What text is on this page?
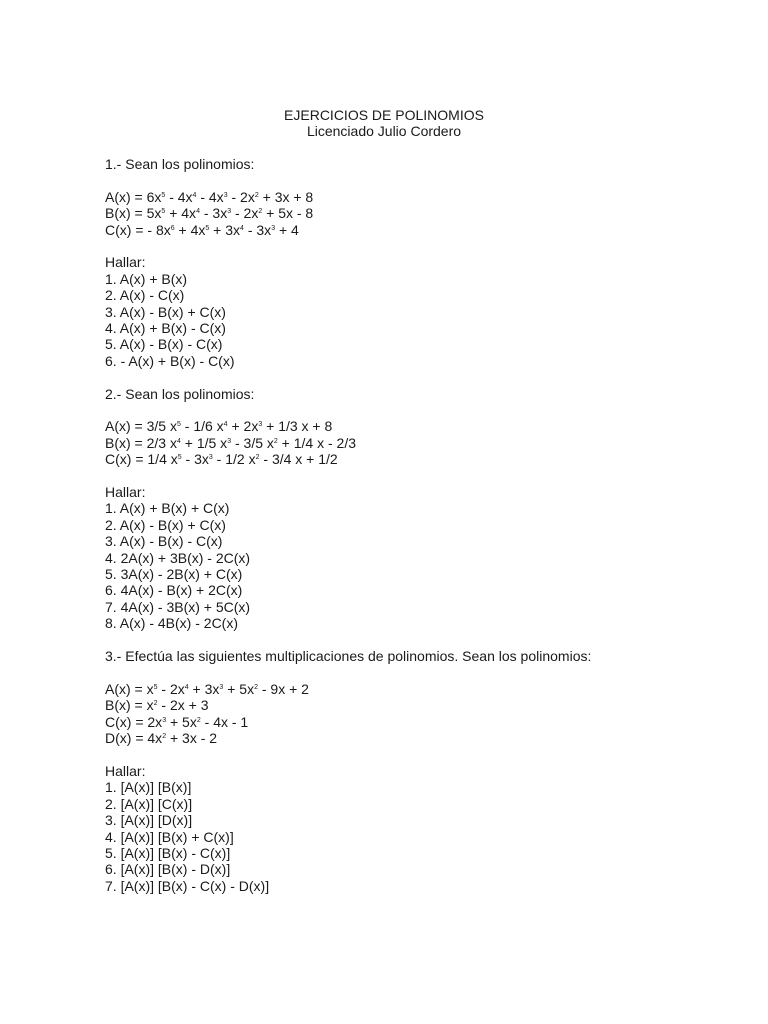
EJERCICIOS DE POLINOMIOS
Licenciado Julio Cordero
1.- Sean los polinomios:
$A(x) = 6x^5 - 4x^4 - 4x^3 - 2x^2 + 3x + 8$
$B(x) = 5x^5 + 4x^4 - 3x^3 - 2x^2 + 5x - 8$
C(x) = - $8x^6 + 4x^5 + 3x^4 - 3x^3 + 4$
Hallar:
1. A(x) + B(x)
2. A(x) - C(x)
3. A(x) - B(x) + C(x)
4. A(x) + B(x) - C(x)
5. A(x) - B(x) - C(x)
6. - A(x) + B(x) - C(x)
2.- Sean los polinomios:
A(x) = 3/5 $x^5 - 1/6$ $x^4 + 2x^3 + 1/3$ x + 8
B(x) = 2/3 $x^4 + 1/5$ $x^3 - 3/5$ $x^2 + 1/4$ x - 2/3
C(x) = 1/4 $x^5 - 3x^3 - 1/2$ $x^2 - 3/4$ x + 1/2
Hallar:
1. A(x) + B(x) + C(x)
2. A(x) - B(x) + C(x)
3. A(x) - B(x) - C(x)
4. 2A(x) + 3B(x) - 2C(x)
5. 3A(x) - 2B(x) + C(x)
6. 4A(x) - B(x) + 2C(x)
7. 4A(x) - 3B(x) + 5C(x)
8. A(x) - 4B(x) - 2C(x)
3.- Efectúa las siguientes multiplicaciones de polinomios. Sean los polinomios:
$A(x) = x^5 - 2x^4 + 3x^3 + 5x^2 - 9x + 2$
$B(x) = x^2 - 2x + 3$
$C(x) = 2x^3 + 5x^2 - 4x - 1$
$D(x) = 4x^2 + 3x - 2$
Hallar:
1. [A(x)] [B(x)]
2. [A(x)] [C(x)]
3. [A(x)] [D(x)]
4. [A(x)] [B(x) + C(x)]
5. [A(x)] [B(x) - C(x)]
6. [A(x)] [B(x) - D(x)]
7. [A(x)] [B(x) - C(x) - D(x)]
